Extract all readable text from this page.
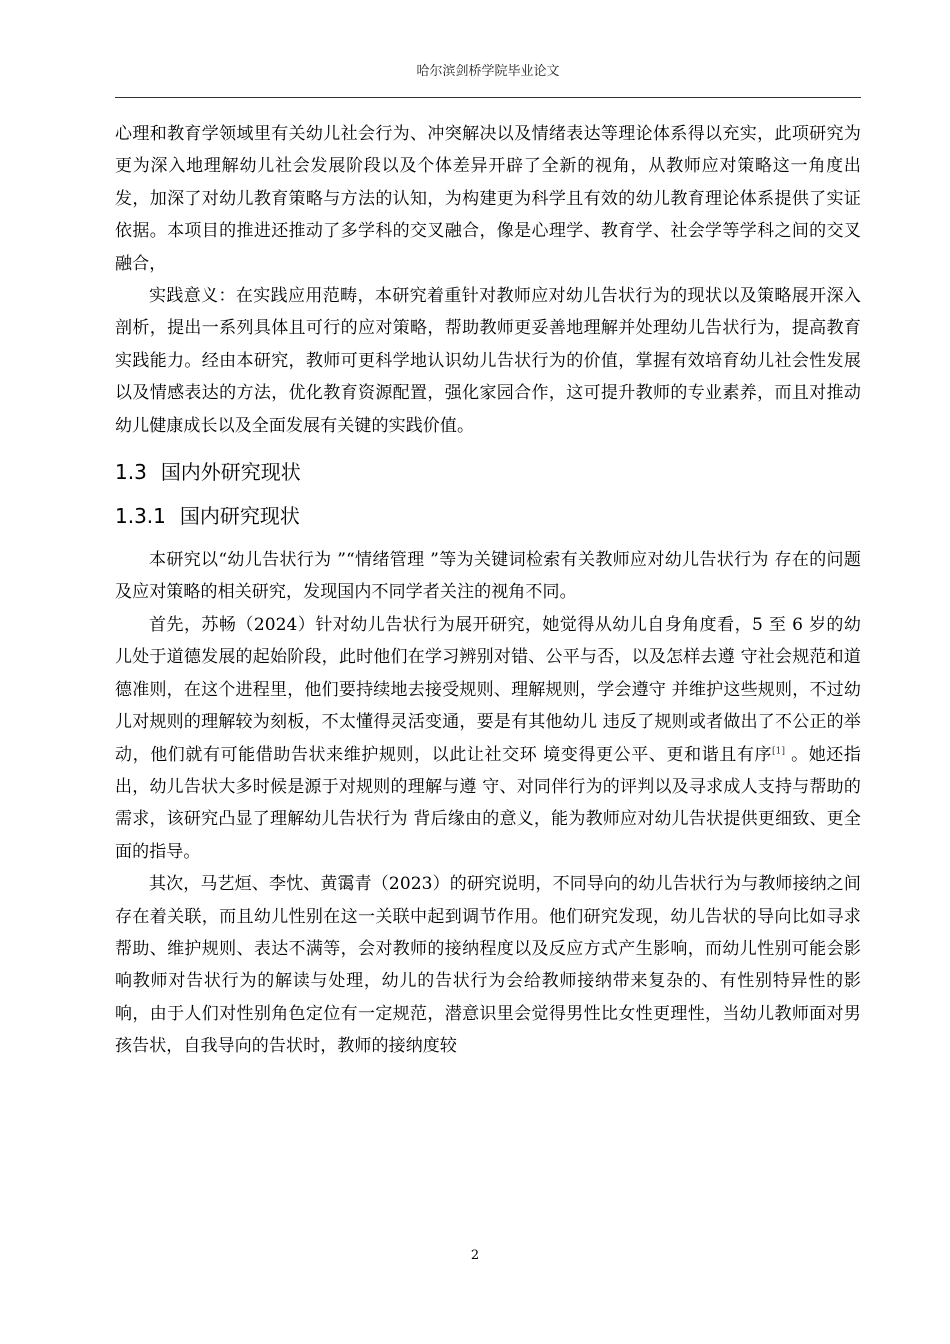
哈尔滨剑桥学院毕业论文

心理和教育学领域里有关幼儿社会行为、冲突解决以及情绪表达等理论体系得以充实，此项研究为更为深入地理解幼儿社会发展阶段以及个体差异开辟了全新的视角，从教师应对策略这一角度出发，加深了对幼儿教育策略与方法的认知，为构建更为科学且有效的幼儿教育理论体系提供了实证依据。本项目的推进还推动了多学科的交叉融合，像是心理学、教育学、社会学等学科之间的交叉融合，

实践意义：在实践应用范畴，本研究着重针对教师应对幼儿告状行为的现状以及策略展开深入剖析，提出一系列具体且可行的应对策略，帮助教师更妥善地理解并处理幼儿告状行为，提高教育实践能力。经由本研究，教师可更科学地认识幼儿告状行为的价值，掌握有效培育幼儿社会性发展以及情感表达的方法，优化教育资源配置，强化家园合作，这可提升教师的专业素养，而且对推动幼儿健康成长以及全面发展有关键的实践价值。

1.3 国内外研究现状
1.3.1 国内研究现状

本研究以“幼儿告状行为 ”“情绪管理 ”等为关键词检索有关教师应对幼儿告状行为 存在的问题及应对策略的相关研究，发现国内不同学者关注的视角不同。

首先，苏畅（2024）针对幼儿告状行为展开研究，她觉得从幼儿自身角度看，5 至 6 岁的幼儿处于道德发展的起始阶段，此时他们在学习辨别对错、公平与否，以及怎样去遵 守社会规范和道德准则，在这个进程里，他们要持续地去接受规则、理解规则，学会遵守 并维护这些规则，不过幼儿对规则的理解较为刻板，不太懂得灵活变通，要是有其他幼儿 违反了规则或者做出了不公正的举动，他们就有可能借助告状来维护规则，以此让社交环 境变得更公平、更和谐且有序[1] 。她还指出，幼儿告状大多时候是源于对规则的理解与遵 守、对同伴行为的评判以及寻求成人支持与帮助的需求，该研究凸显了理解幼儿告状行为 背后缘由的意义，能为教师应对幼儿告状提供更细致、更全面的指导。

其次，马艺烜、李忱、黄霭青（2023）的研究说明，不同导向的幼儿告状行为与教师接纳之间存在着关联，而且幼儿性别在这一关联中起到调节作用。他们研究发现，幼儿告状的导向比如寻求帮助、维护规则、表达不满等，会对教师的接纳程度以及反应方式产生影响，而幼儿性别可能会影响教师对告状行为的解读与处理，幼儿的告状行为会给教师接纳带来复杂的、有性别特异性的影响，由于人们对性别角色定位有一定规范，潜意识里会觉得男性比女性更理性，当幼儿教师面对男孩告状，自我导向的告状时，教师的接纳度较

2
